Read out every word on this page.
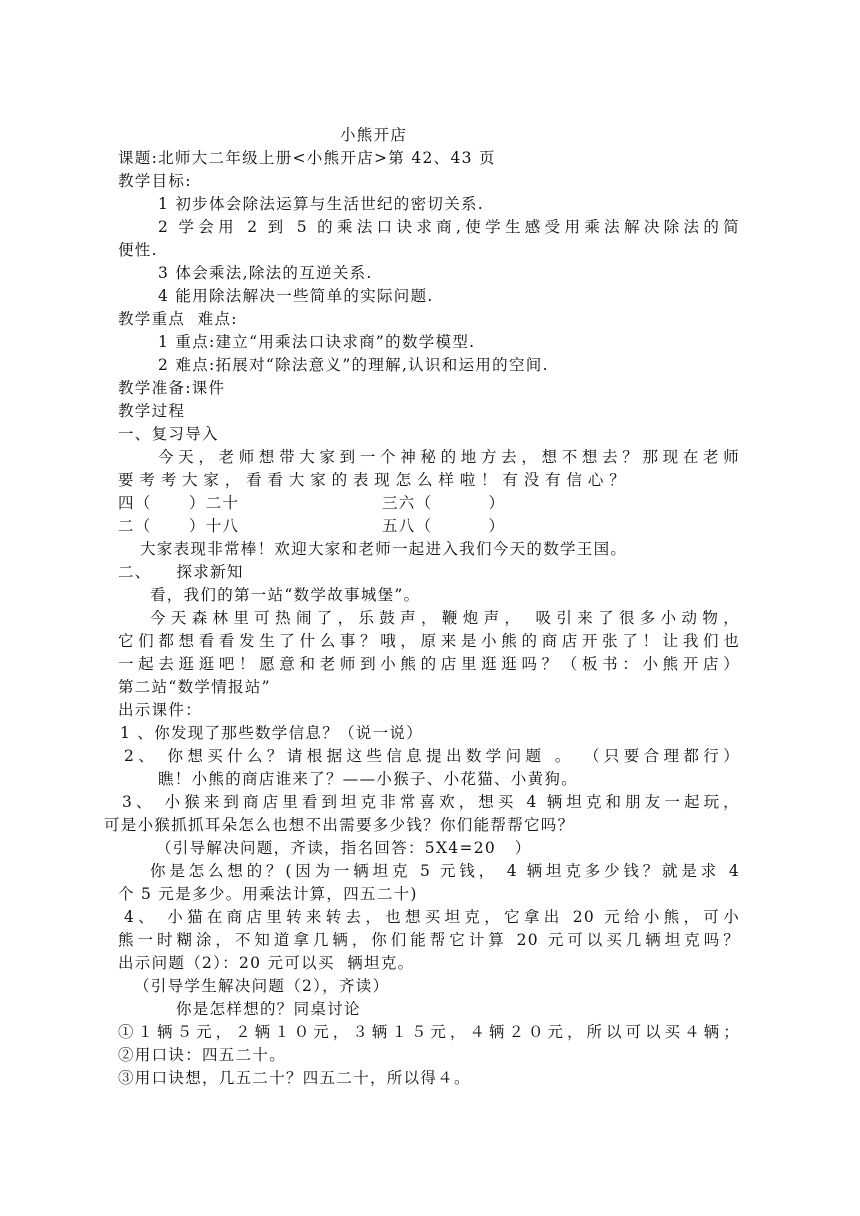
小熊开店
课题:北师大二年级上册<小熊开店>第 42、43 页
教学目标:
1 初步体会除法运算与生活世纪的密切关系.
2 学会用 2 到 5 的乘法口诀求商,使学生感受用乘法解决除法的简
便性.
3 体会乘法,除法的互逆关系.
4 能用除法解决一些简单的实际问题.
教学重点  难点:
1 重点:建立“用乘法口诀求商”的数学模型.
2 难点:拓展对“除法意义”的理解,认识和运用的空间.
教学准备:课件
教学过程
一、复习导入
今天，老师想带大家到一个神秘的地方去，想不想去？那现在老师
要考考大家，看看大家的表现怎么样啦！有没有信心？
四（      ）二十	三六（         ）
二（      ）十八	五八（         ）
大家表现非常棒！欢迎大家和老师一起进入我们今天的数学王国。
二、    探求新知
看，我们的第一站“数学故事城堡”。
今天森林里可热闹了，乐鼓声，鞭炮声， 吸引来了很多小动物，
它们都想看看发生了什么事？哦，原来是小熊的商店开张了！让我们也
一起去逛逛吧！愿意和老师到小熊的店里逛逛吗？（板书：小熊开店）
第二站“数学情报站”
出示课件：
1 、你发现了那些数学信息？（说一说）
2、 你想买什么？请根据这些信息提出数学问题 。 （只要合理都行）
瞧！小熊的商店谁来了？——小猴子、小花猫、小黄狗。
3、 小猴来到商店里看到坦克非常喜欢，想买 4 辆坦克和朋友一起玩，
可是小猴抓抓耳朵怎么也想不出需要多少钱？你们能帮帮它吗？
（引导解决问题，齐读，指名回答：5X4=20   ）
你是怎么想的？(因为一辆坦克 5 元钱， 4 辆坦克多少钱？就是求 4
个 5 元是多少。用乘法计算，四五二十)
4、 小猫在商店里转来转去，也想买坦克，它拿出 20 元给小熊，可小
熊一时糊涂，不知道拿几辆，你们能帮它计算 20 元可以买几辆坦克吗？
出示问题（2）：20 元可以买  辆坦克。
（引导学生解决问题（2），齐读）
你是怎样想的？同桌讨论
①１辆５元，２辆１０元，３辆１５元，４辆２０元，所以可以买４辆；
②用口诀：四五二十。
③用口诀想，几五二十？四五二十，所以得４。
